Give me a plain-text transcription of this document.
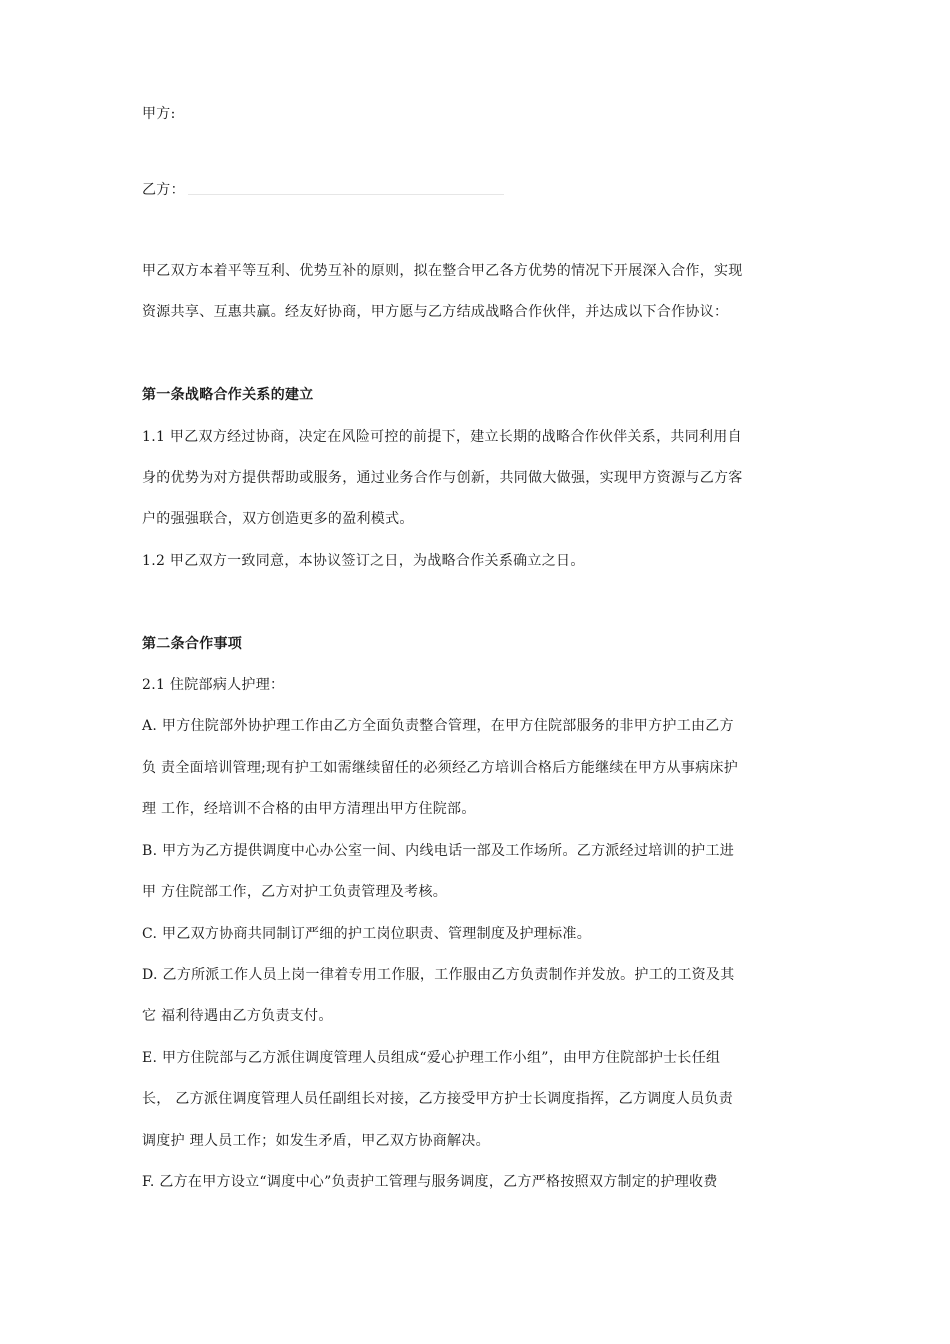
甲方:
乙方：
甲乙双方本着平等互利、优势互补的原则，拟在整合甲乙各方优势的情况下开展深入合作，实现
资源共享、互惠共赢。经友好协商，甲方愿与乙方结成战略合作伙伴，并达成以下合作协议：
第一条战略合作关系的建立
1.1 甲乙双方经过协商，决定在风险可控的前提下，建立长期的战略合作伙伴关系，共同利用自
身的优势为对方提供帮助或服务，通过业务合作与创新，共同做大做强，实现甲方资源与乙方客
户的强强联合，双方创造更多的盈利模式。
1.2 甲乙双方一致同意，本协议签订之日，为战略合作关系确立之日。
第二条合作事项
2.1 住院部病人护理：
A. 甲方住院部外协护理工作由乙方全面负责整合管理，在甲方住院部服务的非甲方护工由乙方
负 责全面培训管理;现有护工如需继续留任的必须经乙方培训合格后方能继续在甲方从事病床护
理 工作，经培训不合格的由甲方清理出甲方住院部。
B. 甲方为乙方提供调度中心办公室一间、内线电话一部及工作场所。乙方派经过培训的护工进
甲 方住院部工作，乙方对护工负责管理及考核。
C. 甲乙双方协商共同制订严细的护工岗位职责、管理制度及护理标准。
D. 乙方所派工作人员上岗一律着专用工作服，工作服由乙方负责制作并发放。护工的工资及其
它 福利待遇由乙方负责支付。
E. 甲方住院部与乙方派住调度管理人员组成“爱心护理工作小组”，由甲方住院部护士长任组
长， 乙方派住调度管理人员任副组长对接，乙方接受甲方护士长调度指挥，乙方调度人员负责
调度护 理人员工作；如发生矛盾，甲乙双方协商解决。
F. 乙方在甲方设立“调度中心”负责护工管理与服务调度，乙方严格按照双方制定的护理收费
